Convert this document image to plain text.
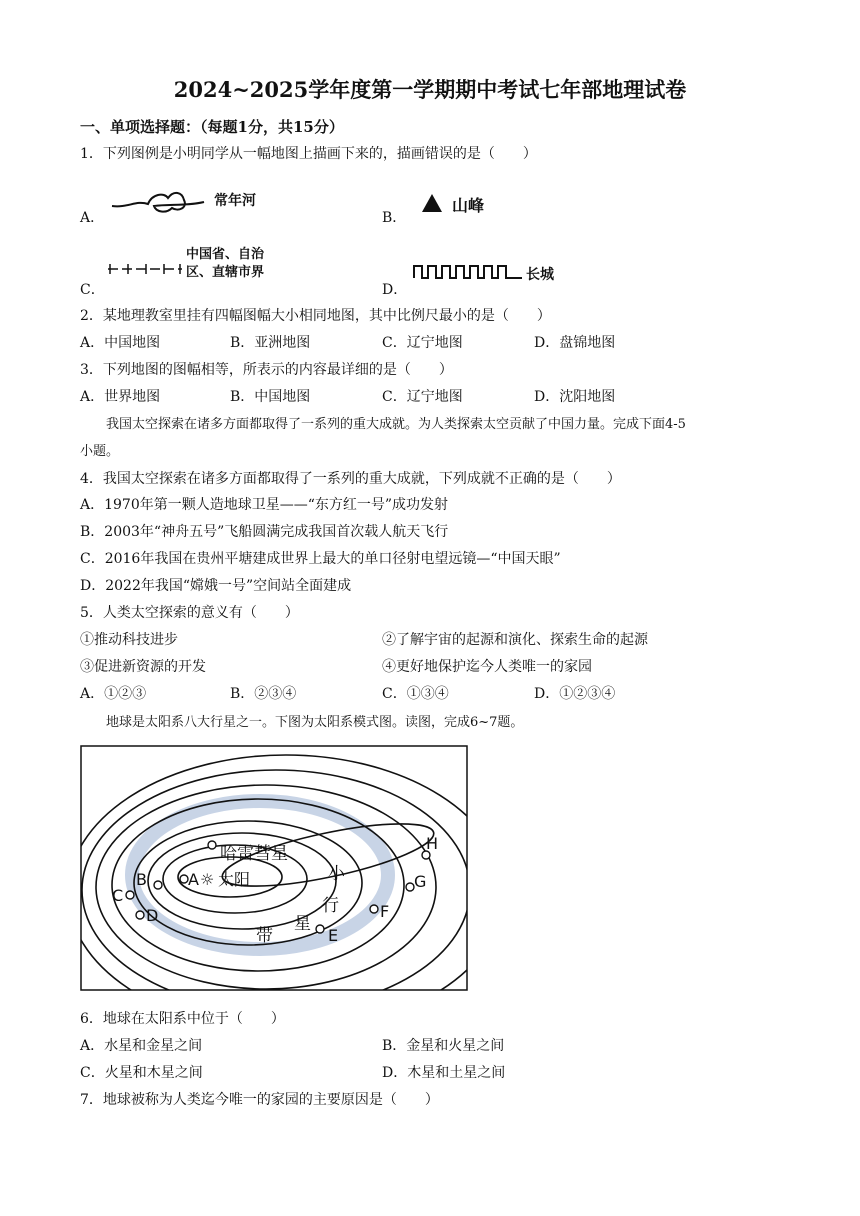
2024~2025学年度第一学期期中考试七年部地理试卷
一、单项选择题：（每题1分，共15分）
1．下列图例是小明同学从一幅地图上描画下来的，描画错误的是（　　）
A．
常年河
B．
山峰
C．
中国省、自治
区、直辖市界
D．
长城
2．某地理教室里挂有四幅图幅大小相同地图，其中比例尺最小的是（　　）
A．中国地图	B．亚洲地图	C．辽宁地图	D．盘锦地图
3．下列地图的图幅相等，所表示的内容最详细的是（　　）
A．世界地图	B．中国地图	C．辽宁地图	D．沈阳地图
我国太空探索在诸多方面都取得了一系列的重大成就。为人类探索太空贡献了中国力量。完成下面4-5
小题。
4．我国太空探索在诸多方面都取得了一系列的重大成就，下列成就不正确的是（　　）
A．1970年第一颗人造地球卫星——“东方红一号”成功发射
B．2003年“神舟五号”飞船圆满完成我国首次载人航天飞行
C．2016年我国在贵州平塘建成世界上最大的单口径射电望远镜—“中国天眼”
D．2022年我国“嫦娥一号”空间站全面建成
5．人类太空探索的意义有（　　）
①推动科技进步	②了解宇宙的起源和演化、探索生命的起源
③促进新资源的开发	④更好地保护迄今人类唯一的家园
A．①②③	B．②③④	C．①③④	D．①②③④
地球是太阳系八大行星之一。下图为太阳系模式图。读图，完成6~7题。
哈雷彗星
A ☼ 太阳	小
行
星
带
B
C
D
E
F
G
H
6．地球在太阳系中位于（　　）
A．水星和金星之间	B．金星和火星之间
C．火星和木星之间	D．木星和土星之间
7．地球被称为人类迄今唯一的家园的主要原因是（　　）
